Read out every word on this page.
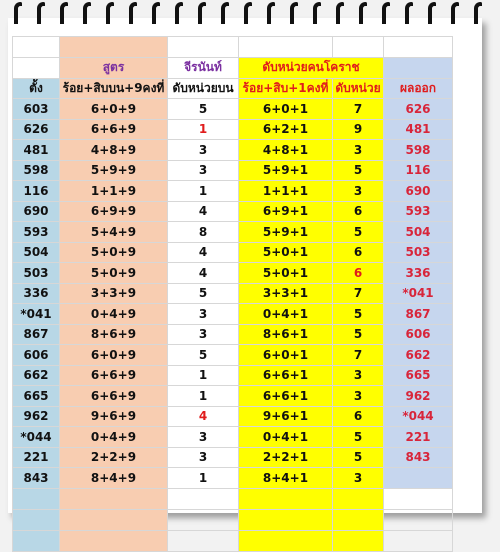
	สูตร	จีรนันท์	ดับหน่วยคนโคราช		
ตั้ง	ร้อย+สิบบน+9คงที่	ดับหน่วยบน	ร้อย+สิบ+1คงที่	ดับหน่วย	ผลออก
603	6+0+9	5	6+0+1	7	626
626	6+6+9	1	6+2+1	9	481
481	4+8+9	3	4+8+1	3	598
598	5+9+9	3	5+9+1	5	116
116	1+1+9	1	1+1+1	3	690
690	6+9+9	4	6+9+1	6	593
593	5+4+9	8	5+9+1	5	504
504	5+0+9	4	5+0+1	6	503
503	5+0+9	4	5+0+1	6	336
336	3+3+9	5	3+3+1	7	*041
*041	0+4+9	3	0+4+1	5	867
867	8+6+9	3	8+6+1	5	606
606	6+0+9	5	6+0+1	7	662
662	6+6+9	1	6+6+1	3	665
665	6+6+9	1	6+6+1	3	962
962	9+6+9	4	9+6+1	6	*044
*044	0+4+9	3	0+4+1	5	221
221	2+2+9	3	2+2+1	5	843
843	8+4+9	1	8+4+1	3	
